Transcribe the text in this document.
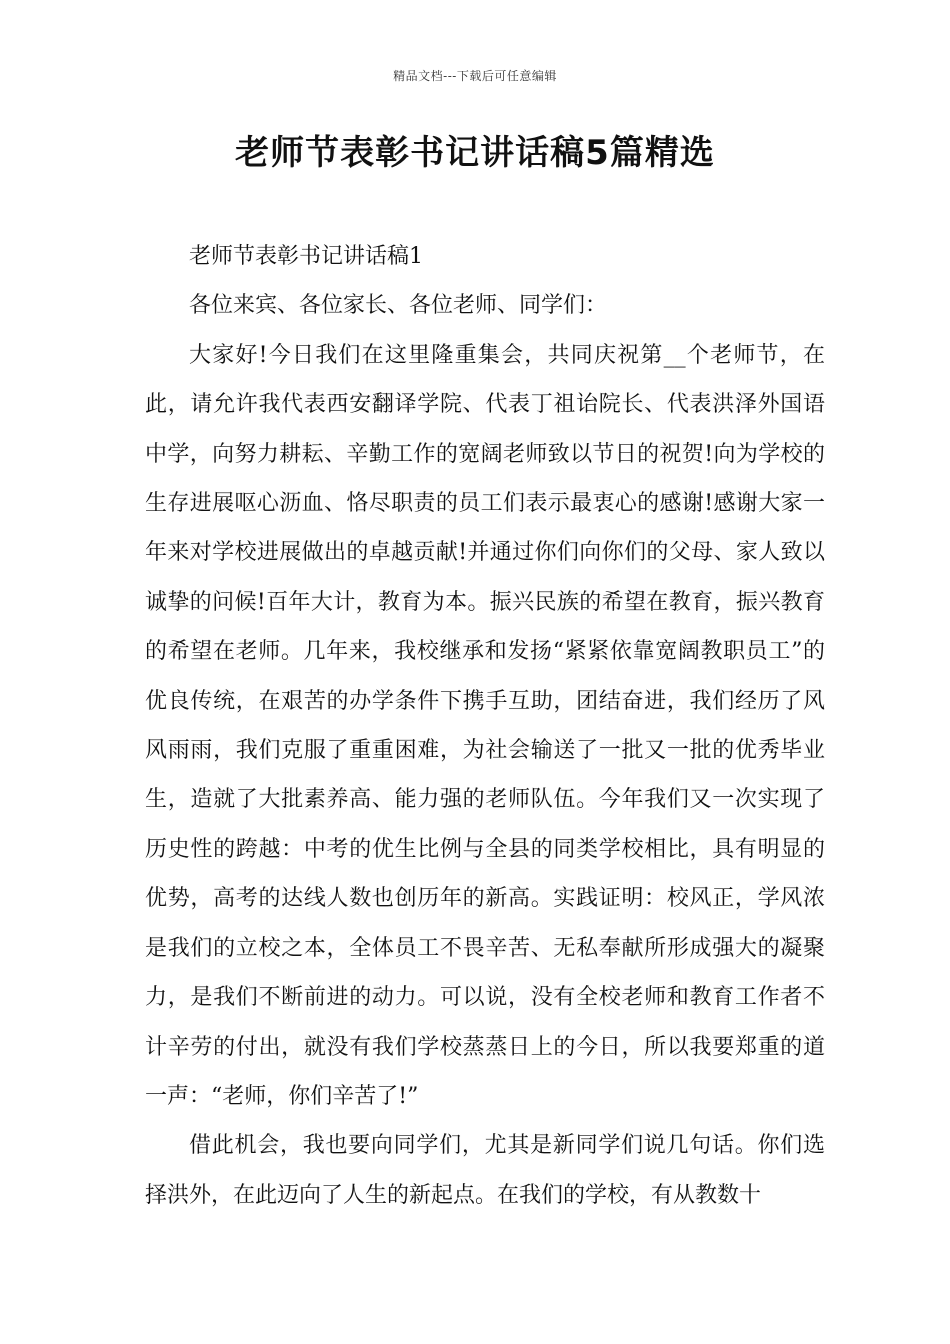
精品文档---下载后可任意编辑
老师节表彰书记讲话稿5篇精选

老师节表彰书记讲话稿1

各位来宾、各位家长、各位老师、同学们：

大家好!今日我们在这里隆重集会，共同庆祝第__个老师节，在此，请允许我代表西安翻译学院、代表丁祖诒院长、代表洪泽外国语中学，向努力耕耘、辛勤工作的宽阔老师致以节日的祝贺!向为学校的生存进展呕心沥血、恪尽职责的员工们表示最衷心的感谢!感谢大家一年来对学校进展做出的卓越贡献!并通过你们向你们的父母、家人致以诚挚的问候!百年大计，教育为本。振兴民族的希望在教育，振兴教育的希望在老师。几年来，我校继承和发扬“紧紧依靠宽阔教职员工”的优良传统，在艰苦的办学条件下携手互助，团结奋进，我们经历了风风雨雨，我们克服了重重困难，为社会输送了一批又一批的优秀毕业生，造就了大批素养高、能力强的老师队伍。今年我们又一次实现了历史性的跨越：中考的优生比例与全县的同类学校相比，具有明显的优势，高考的达线人数也创历年的新高。实践证明：校风正，学风浓是我们的立校之本，全体员工不畏辛苦、无私奉献所形成强大的凝聚力，是我们不断前进的动力。可以说，没有全校老师和教育工作者不计辛劳的付出，就没有我们学校蒸蒸日上的今日，所以我要郑重的道一声：“老师，你们辛苦了!”

借此机会，我也要向同学们，尤其是新同学们说几句话。你们选择洪外，在此迈向了人生的新起点。在我们的学校，有从教数十
